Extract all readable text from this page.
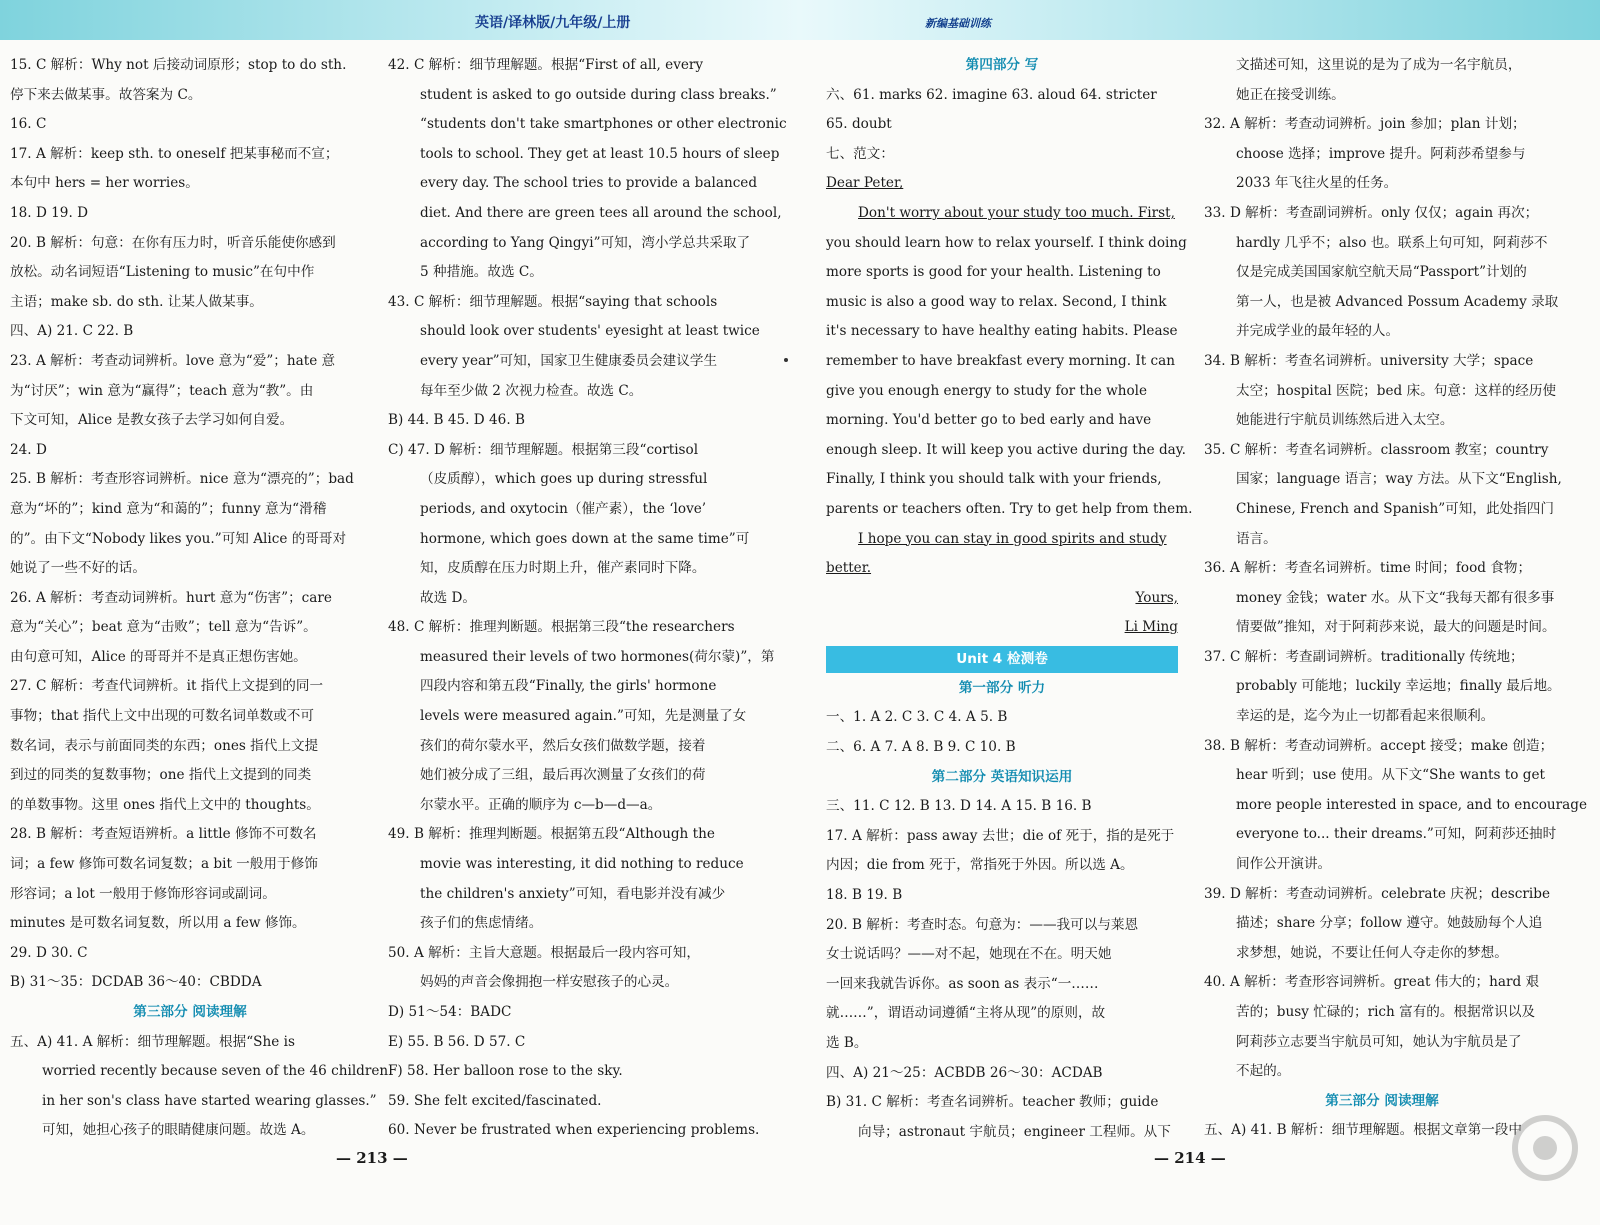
英语/译林版/九年级/上册	新编基础训练
15. C 解析：Why not 后接动词原形；stop to do sth.
停下来去做某事。故答案为 C。
16. C
17. A 解析：keep sth. to oneself 把某事秘而不宣；
本句中 hers = her worries。
18. D 19. D
20. B 解析：句意：在你有压力时，听音乐能使你感到
放松。动名词短语“Listening to music”在句中作
主语；make sb. do sth. 让某人做某事。
四、A) 21. C 22. B
23. A 解析：考查动词辨析。love 意为“爱”；hate 意
为“讨厌”；win 意为“赢得”；teach 意为“教”。由
下文可知，Alice 是教女孩子去学习如何自爱。
24. D
25. B 解析：考查形容词辨析。nice 意为“漂亮的”；bad
意为“坏的”；kind 意为“和蔼的”；funny 意为“滑稽
的”。由下文“Nobody likes you.”可知 Alice 的哥哥对
她说了一些不好的话。
26. A 解析：考查动词辨析。hurt 意为“伤害”；care
意为“关心”；beat 意为“击败”；tell 意为“告诉”。
由句意可知，Alice 的哥哥并不是真正想伤害她。
27. C 解析：考查代词辨析。it 指代上文提到的同一
事物；that 指代上文中出现的可数名词单数或不可
数名词，表示与前面同类的东西；ones 指代上文提
到过的同类的复数事物；one 指代上文提到的同类
的单数事物。这里 ones 指代上文中的 thoughts。
28. B 解析：考查短语辨析。a little 修饰不可数名
词；a few 修饰可数名词复数；a bit 一般用于修饰
形容词；a lot 一般用于修饰形容词或副词。
minutes 是可数名词复数，所以用 a few 修饰。
29. D 30. C
B) 31～35：DCDAB 36～40：CBDDA
第三部分 阅读理解
五、A) 41. A 解析：细节理解题。根据“She is
worried recently because seven of the 46 children
in her son's class have started wearing glasses.”
可知，她担心孩子的眼睛健康问题。故选 A。
42. C 解析：细节理解题。根据“First of all, every
student is asked to go outside during class breaks.”
“students don't take smartphones or other electronic
tools to school. They get at least 10.5 hours of sleep
every day. The school tries to provide a balanced
diet. And there are green tees all around the school,
according to Yang Qingyi”可知，湾小学总共采取了
5 种措施。故选 C。
43. C 解析：细节理解题。根据“saying that schools
should look over students' eyesight at least twice
every year”可知，国家卫生健康委员会建议学生
每年至少做 2 次视力检查。故选 C。
B) 44. B 45. D 46. B
C) 47. D 解析：细节理解题。根据第三段“cortisol
（皮质醇），which goes up during stressful
periods, and oxytocin（催产素），the ‘love’
hormone, which goes down at the same time”可
知，皮质醇在压力时期上升，催产素同时下降。
故选 D。
48. C 解析：推理判断题。根据第三段“the researchers
measured their levels of two hormones(荷尔蒙)”，第
四段内容和第五段“Finally, the girls' hormone
levels were measured again.”可知，先是测量了女
孩们的荷尔蒙水平，然后女孩们做数学题，接着
她们被分成了三组，最后再次测量了女孩们的荷
尔蒙水平。正确的顺序为 c—b—d—a。
49. B 解析：推理判断题。根据第五段“Although the
movie was interesting, it did nothing to reduce
the children's anxiety”可知，看电影并没有减少
孩子们的焦虑情绪。
50. A 解析：主旨大意题。根据最后一段内容可知，
妈妈的声音会像拥抱一样安慰孩子的心灵。
D) 51～54：BADC
E) 55. B 56. D 57. C
F) 58. Her balloon rose to the sky.
59. She felt excited/fascinated.
60. Never be frustrated when experiencing problems.
第四部分 写
六、61. marks 62. imagine 63. aloud 64. stricter
65. doubt
七、范文：
Dear Peter,
Don't worry about your study too much. First,
you should learn how to relax yourself. I think doing
more sports is good for your health. Listening to
music is also a good way to relax. Second, I think
it's necessary to have healthy eating habits. Please
remember to have breakfast every morning. It can
give you enough energy to study for the whole
morning. You'd better go to bed early and have
enough sleep. It will keep you active during the day.
Finally, I think you should talk with your friends,
parents or teachers often. Try to get help from them.
I hope you can stay in good spirits and study
better.
Yours,
Li Ming
Unit 4 检测卷
第一部分 听力
一、1. A 2. C 3. C 4. A 5. B
二、6. A 7. A 8. B 9. C 10. B
第二部分 英语知识运用
三、11. C 12. B 13. D 14. A 15. B 16. B
17. A 解析：pass away 去世；die of 死于，指的是死于
内因；die from 死于，常指死于外因。所以选 A。
18. B 19. B
20. B 解析：考查时态。句意为：——我可以与莱恩
女士说话吗？——对不起，她现在不在。明天她
一回来我就告诉你。as soon as 表示“一……
就……”，谓语动词遵循“主将从现”的原则，故
选 B。
四、A) 21～25：ACBDB 26～30：ACDAB
B) 31. C 解析：考查名词辨析。teacher 教师；guide
向导；astronaut 宇航员；engineer 工程师。从下
文描述可知，这里说的是为了成为一名宇航员，
她正在接受训练。
32. A 解析：考查动词辨析。join 参加；plan 计划；
choose 选择；improve 提升。阿莉莎希望参与
2033 年飞往火星的任务。
33. D 解析：考查副词辨析。only 仅仅；again 再次；
hardly 几乎不；also 也。联系上句可知，阿莉莎不
仅是完成美国国家航空航天局“Passport”计划的
第一人，也是被 Advanced Possum Academy 录取
并完成学业的最年轻的人。
34. B 解析：考查名词辨析。university 大学；space
太空；hospital 医院；bed 床。句意：这样的经历使
她能进行宇航员训练然后进入太空。
35. C 解析：考查名词辨析。classroom 教室；country
国家；language 语言；way 方法。从下文“English,
Chinese, French and Spanish”可知，此处指四门
语言。
36. A 解析：考查名词辨析。time 时间；food 食物；
money 金钱；water 水。从下文“我每天都有很多事
情要做”推知，对于阿莉莎来说，最大的问题是时间。
37. C 解析：考查副词辨析。traditionally 传统地；
probably 可能地；luckily 幸运地；finally 最后地。
幸运的是，迄今为止一切都看起来很顺利。
38. B 解析：考查动词辨析。accept 接受；make 创造；
hear 听到；use 使用。从下文“She wants to get
more people interested in space, and to encourage
everyone to... their dreams.”可知，阿莉莎还抽时
间作公开演讲。
39. D 解析：考查动词辨析。celebrate 庆祝；describe
描述；share 分享；follow 遵守。她鼓励每个人追
求梦想，她说，不要让任何人夺走你的梦想。
40. A 解析：考查形容词辨析。great 伟大的；hard 艰
苦的；busy 忙碌的；rich 富有的。根据常识以及
阿莉莎立志要当宇航员可知，她认为宇航员是了
不起的。
第三部分 阅读理解
五、A) 41. B 解析：细节理解题。根据文章第一段中
— 213 —	— 214 —
